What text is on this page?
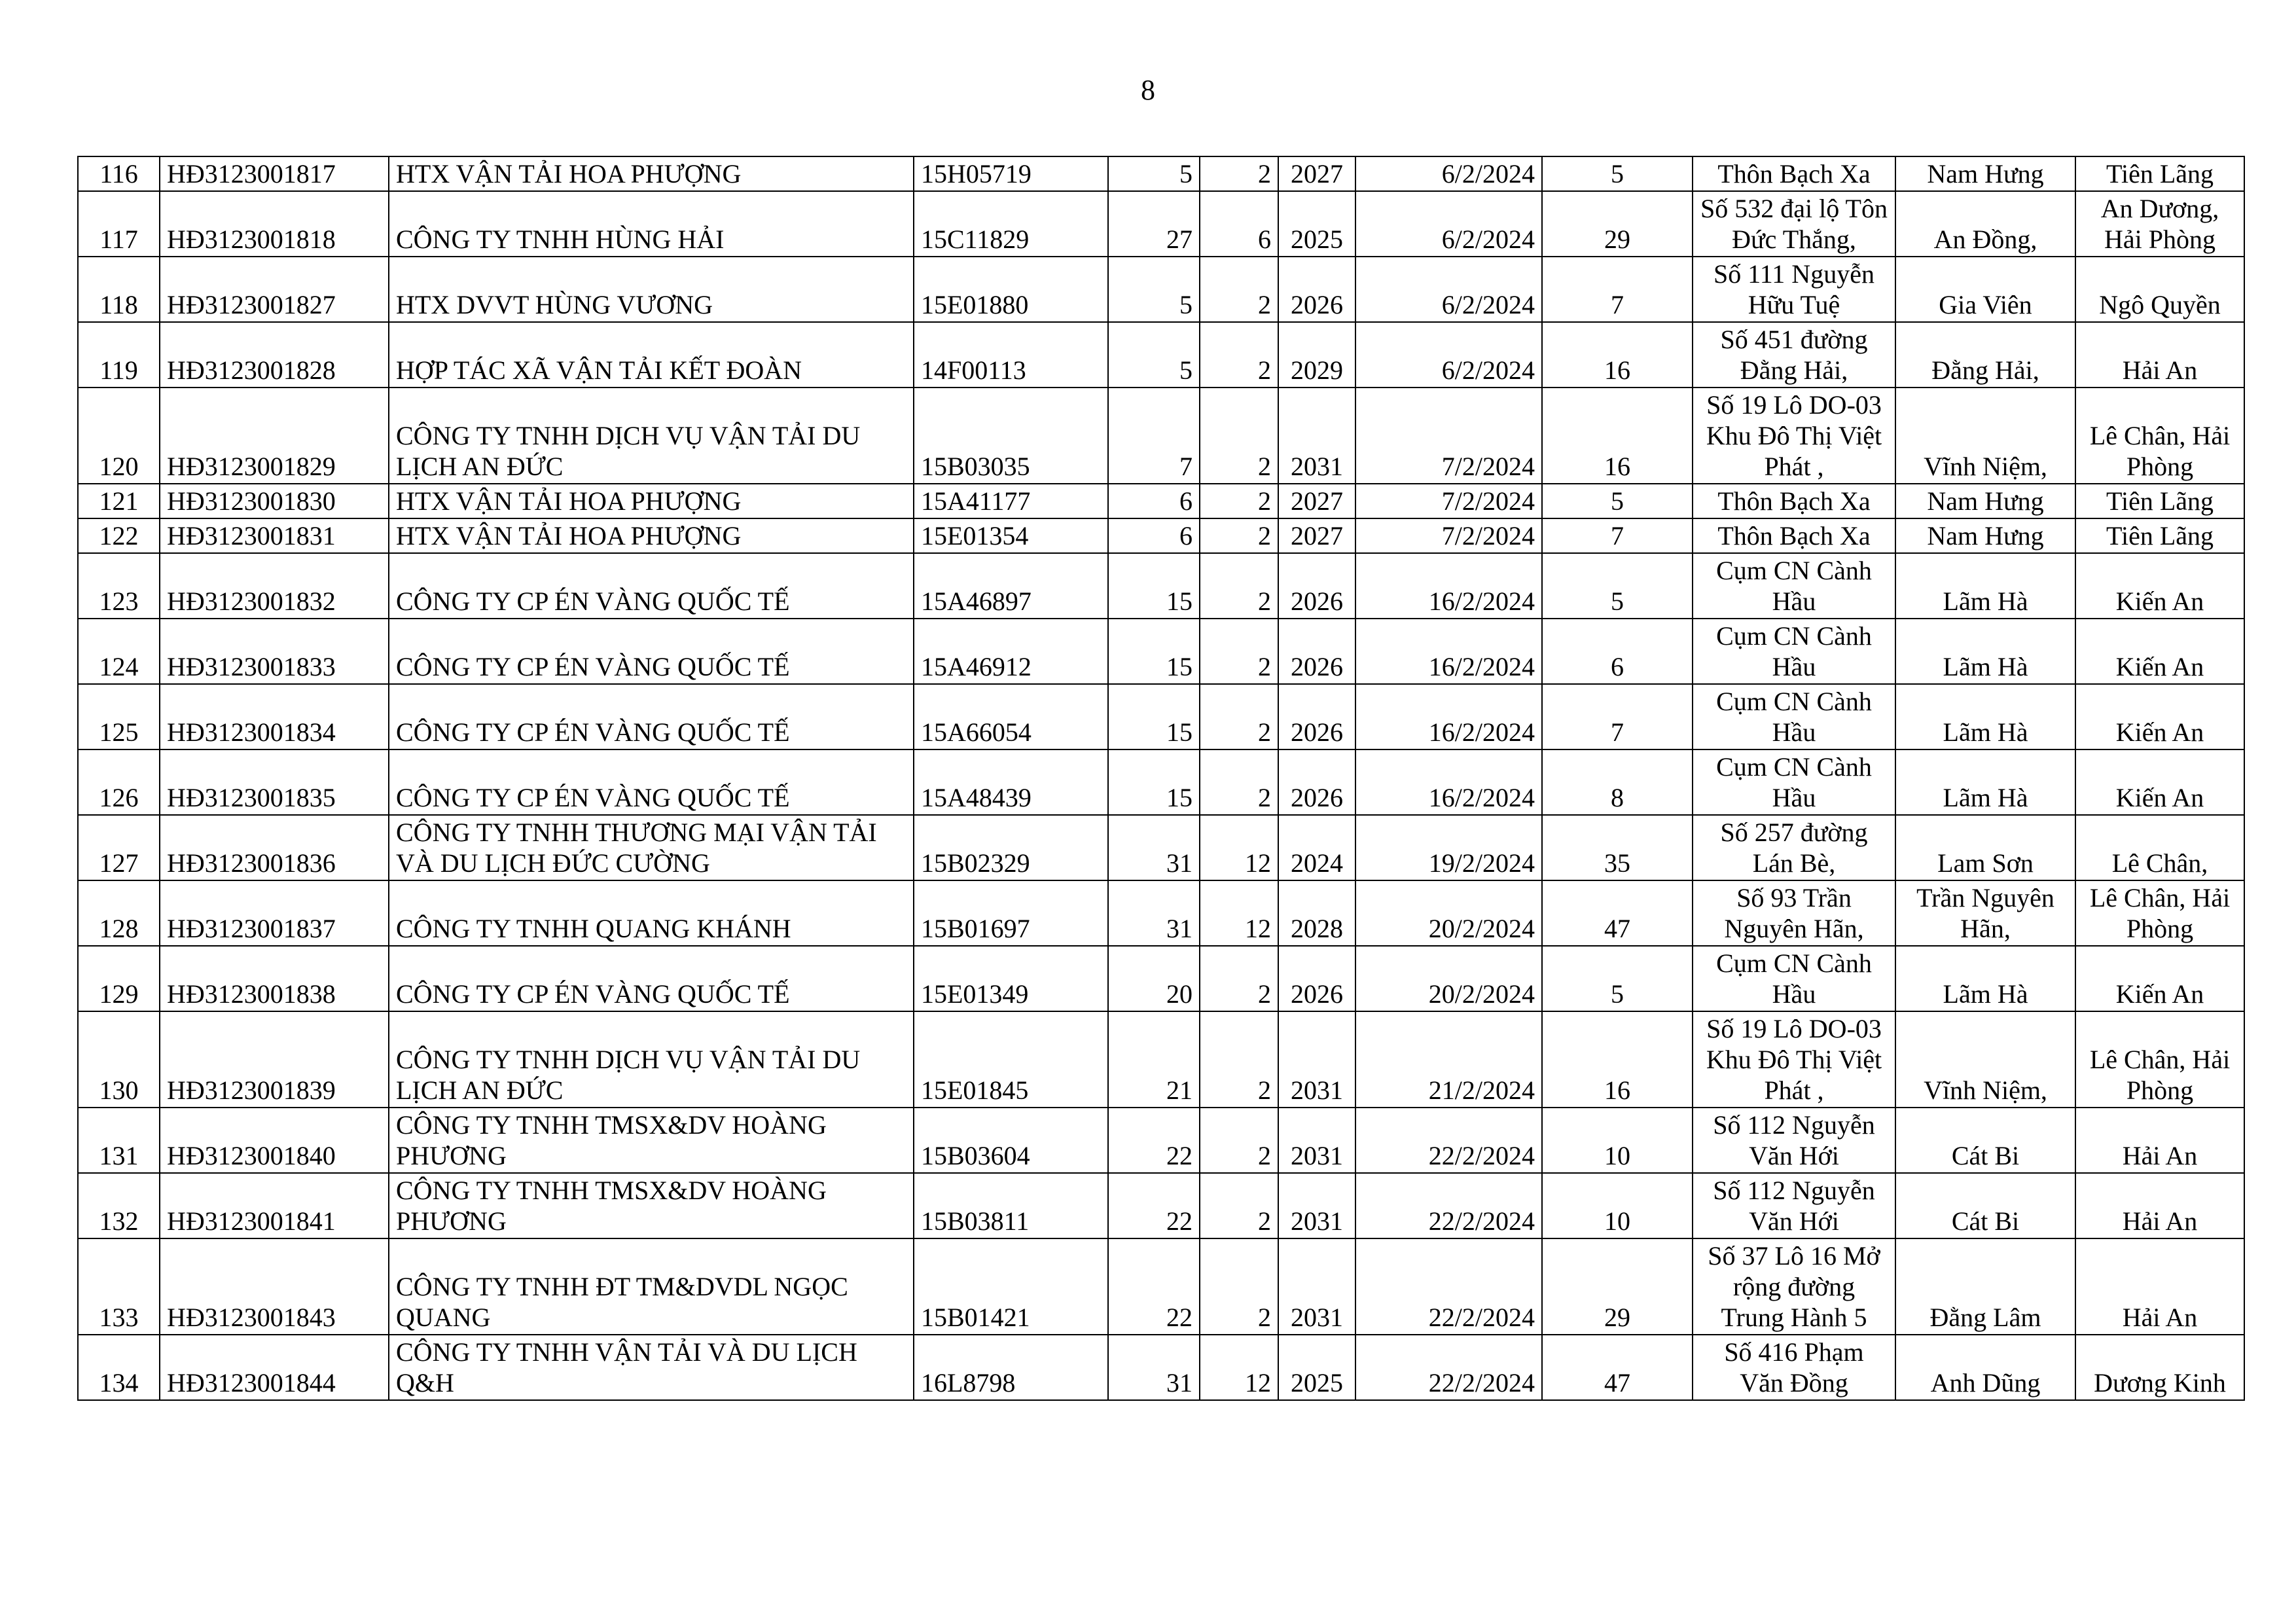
8
116	HĐ3123001817	HTX VẬN TẢI HOA PHƯỢNG	15H05719	5	2	2027	6/2/2024	5	Thôn Bạch Xa	Nam Hưng	Tiên Lãng
117	HĐ3123001818	CÔNG TY TNHH HÙNG HẢI	15C11829	27	6	2025	6/2/2024	29	Số 532 đại lộ Tôn Đức Thắng,	An Đồng,	An Dương, Hải Phòng
118	HĐ3123001827	HTX DVVT HÙNG VƯƠNG	15E01880	5	2	2026	6/2/2024	7	Số 111 Nguyễn Hữu Tuệ	Gia Viên	Ngô Quyền
119	HĐ3123001828	HỢP TÁC XÃ VẬN TẢI KẾT ĐOÀN	14F00113	5	2	2029	6/2/2024	16	Số 451 đường Đằng Hải,	Đằng Hải,	Hải An
120	HĐ3123001829	CÔNG TY TNHH DỊCH VỤ VẬN TẢI DU LỊCH AN ĐỨC	15B03035	7	2	2031	7/2/2024	16	Số 19 Lô DO-03 Khu Đô Thị Việt Phát ,	Vĩnh Niệm,	Lê Chân, Hải Phòng
121	HĐ3123001830	HTX VẬN TẢI HOA PHƯỢNG	15A41177	6	2	2027	7/2/2024	5	Thôn Bạch Xa	Nam Hưng	Tiên Lãng
122	HĐ3123001831	HTX VẬN TẢI HOA PHƯỢNG	15E01354	6	2	2027	7/2/2024	7	Thôn Bạch Xa	Nam Hưng	Tiên Lãng
123	HĐ3123001832	CÔNG TY CP ÉN VÀNG QUỐC TẾ	15A46897	15	2	2026	16/2/2024	5	Cụm CN Cành Hầu	Lãm Hà	Kiến An
124	HĐ3123001833	CÔNG TY CP ÉN VÀNG QUỐC TẾ	15A46912	15	2	2026	16/2/2024	6	Cụm CN Cành Hầu	Lãm Hà	Kiến An
125	HĐ3123001834	CÔNG TY CP ÉN VÀNG QUỐC TẾ	15A66054	15	2	2026	16/2/2024	7	Cụm CN Cành Hầu	Lãm Hà	Kiến An
126	HĐ3123001835	CÔNG TY CP ÉN VÀNG QUỐC TẾ	15A48439	15	2	2026	16/2/2024	8	Cụm CN Cành Hầu	Lãm Hà	Kiến An
127	HĐ3123001836	CÔNG TY TNHH THƯƠNG MẠI VẬN TẢI VÀ DU LỊCH ĐỨC CƯỜNG	15B02329	31	12	2024	19/2/2024	35	Số 257 đường Lán Bè,	Lam Sơn	Lê Chân,
128	HĐ3123001837	CÔNG TY TNHH QUANG KHÁNH	15B01697	31	12	2028	20/2/2024	47	Số 93 Trần Nguyên Hãn,	Trần Nguyên Hãn,	Lê Chân, Hải Phòng
129	HĐ3123001838	CÔNG TY CP ÉN VÀNG QUỐC TẾ	15E01349	20	2	2026	20/2/2024	5	Cụm CN Cành Hầu	Lãm Hà	Kiến An
130	HĐ3123001839	CÔNG TY TNHH DỊCH VỤ VẬN TẢI DU LỊCH AN ĐỨC	15E01845	21	2	2031	21/2/2024	16	Số 19 Lô DO-03 Khu Đô Thị Việt Phát ,	Vĩnh Niệm,	Lê Chân, Hải Phòng
131	HĐ3123001840	CÔNG TY TNHH TMSX&DV HOÀNG PHƯƠNG	15B03604	22	2	2031	22/2/2024	10	Số 112 Nguyễn Văn Hới	Cát Bi	Hải An
132	HĐ3123001841	CÔNG TY TNHH TMSX&DV HOÀNG PHƯƠNG	15B03811	22	2	2031	22/2/2024	10	Số 112 Nguyễn Văn Hới	Cát Bi	Hải An
133	HĐ3123001843	CÔNG TY TNHH ĐT TM&DVDL NGỌC QUANG	15B01421	22	2	2031	22/2/2024	29	Số 37 Lô 16 Mở rộng đường Trung Hành 5	Đằng Lâm	Hải An
134	HĐ3123001844	CÔNG TY TNHH VẬN TẢI VÀ DU LỊCH Q&H	16L8798	31	12	2025	22/2/2024	47	Số 416 Phạm Văn Đồng	Anh Dũng	Dương Kinh
